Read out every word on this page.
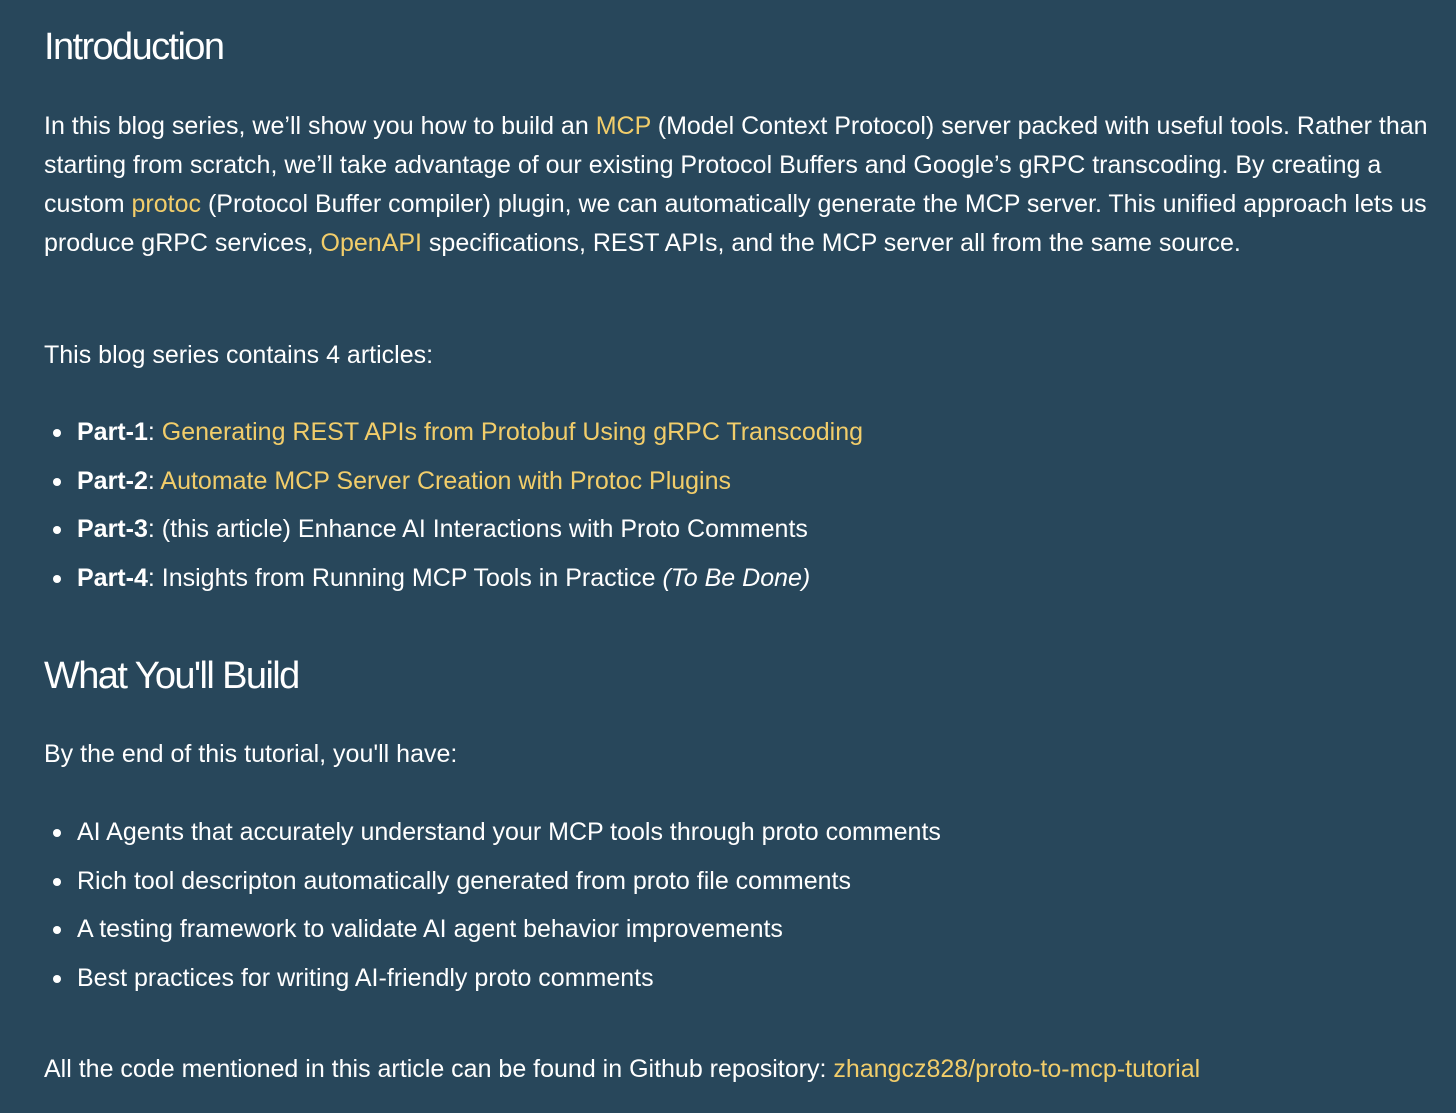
Introduction

In this blog series, we’ll show you how to build an MCP (Model Context Protocol) server packed with useful tools. Rather than starting from scratch, we’ll take advantage of our existing Protocol Buffers and Google’s gRPC transcoding. By creating a custom protoc (Protocol Buffer compiler) plugin, we can automatically generate the MCP server. This unified approach lets us produce gRPC services, OpenAPI specifications, REST APIs, and the MCP server all from the same source.

This blog series contains 4 articles:

Part-1: Generating REST APIs from Protobuf Using gRPC Transcoding
Part-2: Automate MCP Server Creation with Protoc Plugins
Part-3: (this article) Enhance AI Interactions with Proto Comments
Part-4: Insights from Running MCP Tools in Practice (To Be Done)
What You'll Build

By the end of this tutorial, you'll have:

AI Agents that accurately understand your MCP tools through proto comments
Rich tool descripton automatically generated from proto file comments
A testing framework to validate AI agent behavior improvements
Best practices for writing AI-friendly proto comments

All the code mentioned in this article can be found in Github repository: zhangcz828/proto-to-mcp-tutorial
